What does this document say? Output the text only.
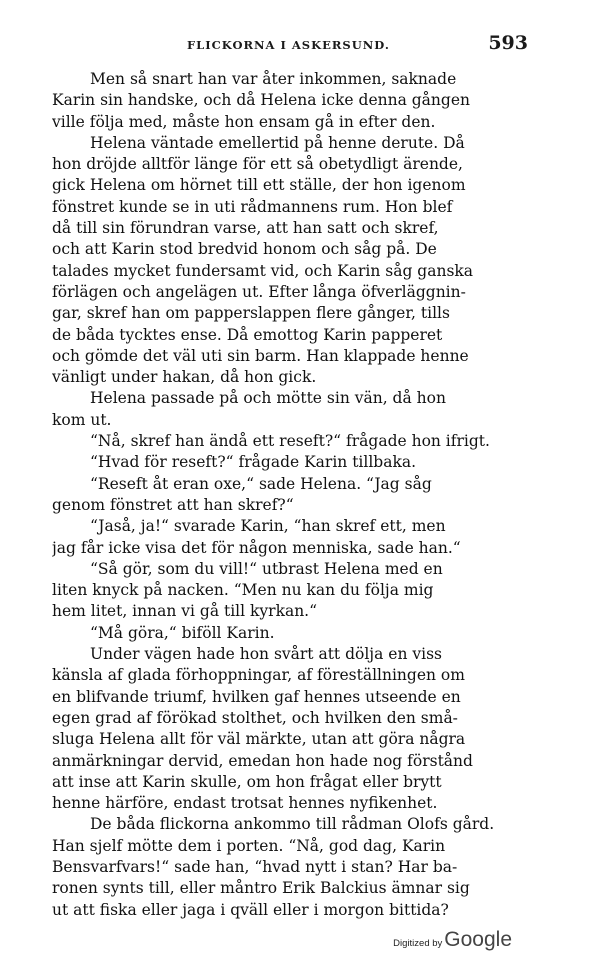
FLICKORNA I ASKERSUND.	593
Men så snart han var åter inkommen, saknade
Karin sin handske, och då Helena icke denna gången
ville följa med, måste hon ensam gå in efter den.
Helena väntade emellertid på henne derute. Då
hon dröjde alltför länge för ett så obetydligt ärende,
gick Helena om hörnet till ett ställe, der hon igenom
fönstret kunde se in uti rådmannens rum. Hon blef
då till sin förundran varse, att han satt och skref,
och att Karin stod bredvid honom och såg på. De
talades mycket fundersamt vid, och Karin såg ganska
förlägen och angelägen ut. Efter långa öfverläggnin-
gar, skref han om papperslappen flere gånger, tills
de båda tycktes ense. Då emottog Karin papperet
och gömde det väl uti sin barm. Han klappade henne
vänligt under hakan, då hon gick.
Helena passade på och mötte sin vän, då hon
kom ut.
“Nå, skref han ändå ett reseft?“ frågade hon ifrigt.
“Hvad för reseft?“ frågade Karin tillbaka.
“Reseft åt eran oxe,“ sade Helena. “Jag såg
genom fönstret att han skref?“
“Jaså, ja!“ svarade Karin, “han skref ett, men
jag får icke visa det för någon menniska, sade han.“
“Så gör, som du vill!“ utbrast Helena med en
liten knyck på nacken. “Men nu kan du följa mig
hem litet, innan vi gå till kyrkan.“
“Må göra,“ biföll Karin.
Under vägen hade hon svårt att dölja en viss
känsla af glada förhoppningar, af föreställningen om
en blifvande triumf, hvilken gaf hennes utseende en
egen grad af förökad stolthet, och hvilken den små-
sluga Helena allt för väl märkte, utan att göra några
anmärkningar dervid, emedan hon hade nog förstånd
att inse att Karin skulle, om hon frågat eller brytt
henne härföre, endast trotsat hennes nyfikenhet.
De båda flickorna ankommo till rådman Olofs gård.
Han sjelf mötte dem i porten. “Nå, god dag, Karin
Bensvarfvars!“ sade han, “hvad nytt i stan? Har ba-
ronen synts till, eller måntro Erik Balckius ämnar sig
ut att fiska eller jaga i qväll eller i morgon bittida?
Digitized by Google
